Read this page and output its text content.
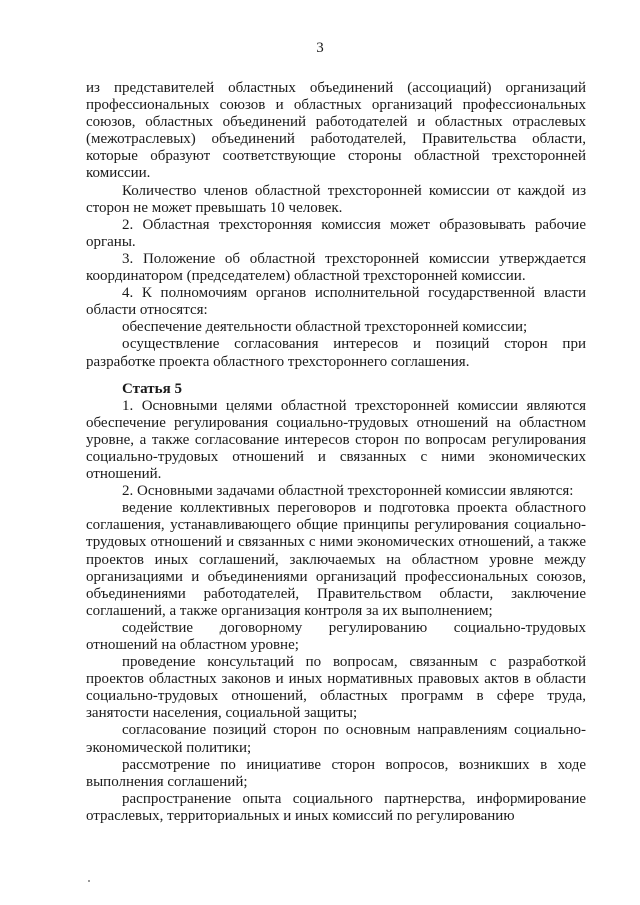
3

из представителей областных объединений (ассоциаций) организаций профессиональных союзов и областных организаций профессиональных союзов, областных объединений работодателей и областных отраслевых (межотраслевых) объединений работодателей, Правительства области, которые образуют соответствующие стороны областной трехсторонней комиссии.

Количество членов областной трехсторонней комиссии от каждой из сторон не может превышать 10 человек.

2. Областная трехсторонняя комиссия может образовывать рабочие органы.

3. Положение об областной трехсторонней комиссии утверждается координатором (председателем) областной трехсторонней комиссии.

4. К полномочиям органов исполнительной государственной власти области относятся:

обеспечение деятельности областной трехсторонней комиссии;

осуществление согласования интересов и позиций сторон при разработке проекта областного трехстороннего соглашения.

Статья 5

1. Основными целями областной трехсторонней комиссии являются обеспечение регулирования социально-трудовых отношений на областном уровне, а также согласование интересов сторон по вопросам регулирования социально-трудовых отношений и связанных с ними экономических отношений.

2. Основными задачами областной трехсторонней комиссии являются:

ведение коллективных переговоров и подготовка проекта областного соглашения, устанавливающего общие принципы регулирования социально-трудовых отношений и связанных с ними экономических отношений, а также проектов иных соглашений, заключаемых на областном уровне между организациями и объединениями организаций профессиональных союзов, объединениями работодателей, Правительством области, заключение соглашений, а также организация контроля за их выполнением;

содействие договорному регулированию социально-трудовых отношений на областном уровне;

проведение консультаций по вопросам, связанным с разработкой проектов областных законов и иных нормативных правовых актов в области социально-трудовых отношений, областных программ в сфере труда, занятости населения, социальной защиты;

согласование позиций сторон по основным направлениям социально-экономической политики;

рассмотрение по инициативе сторон вопросов, возникших в ходе выполнения соглашений;

распространение опыта социального партнерства, информирование отраслевых, территориальных и иных комиссий по регулированию
